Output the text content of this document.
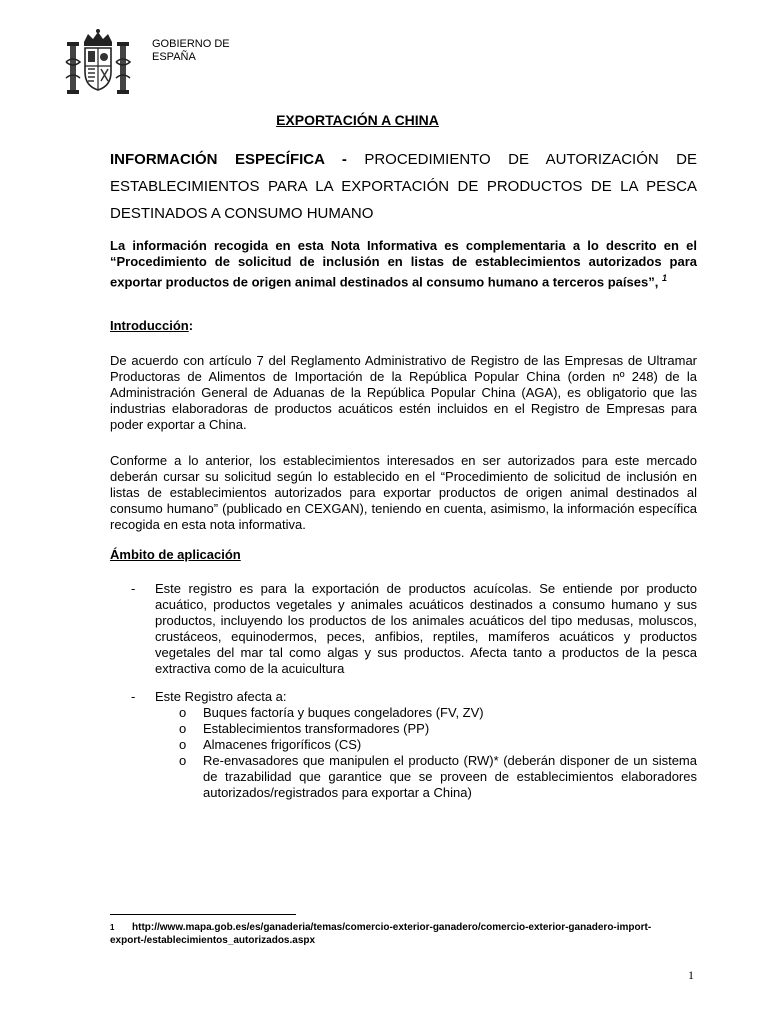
GOBIERNO DE
ESPAÑA
EXPORTACIÓN A CHINA
INFORMACIÓN ESPECÍFICA - PROCEDIMIENTO DE AUTORIZACIÓN DE ESTABLECIMIENTOS PARA LA EXPORTACIÓN DE PRODUCTOS DE LA PESCA DESTINADOS A CONSUMO HUMANO
La información recogida en esta Nota Informativa es complementaria a lo descrito en el “Procedimiento de solicitud de inclusión en listas de establecimientos autorizados para exportar productos de origen animal destinados al consumo humano a terceros países”, $^1$
Introducción:
De acuerdo con artículo 7 del Reglamento Administrativo de Registro de las Empresas de Ultramar Productoras de Alimentos de Importación de la República Popular China (orden nº 248) de la Administración General de Aduanas de la República Popular China (AGA), es obligatorio que las industrias elaboradoras de productos acuáticos estén incluidos en el Registro de Empresas para poder exportar a China.
Conforme a lo anterior, los establecimientos interesados en ser autorizados para este mercado deberán cursar su solicitud según lo establecido en el “Procedimiento de solicitud de inclusión en listas de establecimientos autorizados para exportar productos de origen animal destinados al consumo humano” (publicado en CEXGAN), teniendo en cuenta, asimismo, la información específica recogida en esta nota informativa.
Ámbito de aplicación
- Este registro es para la exportación de productos acuícolas. Se entiende por producto acuático, productos vegetales y animales acuáticos destinados a consumo humano y sus productos, incluyendo los productos de los animales acuáticos del tipo medusas, moluscos, crustáceos, equinodermos, peces, anfibios, reptiles, mamíferos acuáticos y productos vegetales del mar tal como algas y sus productos. Afecta tanto a productos de la pesca extractiva como de la acuicultura
- Este Registro afecta a:
o	Buques factoría y buques congeladores (FV, ZV)
o	Establecimientos transformadores (PP)
o	Almacenes frigoríficos (CS)
o	Re-envasadores que manipulen el producto (RW)* (deberán disponer de un sistema de trazabilidad que garantice que se proveen de establecimientos elaboradores autorizados/registrados para exportar a China)
1 http://www.mapa.gob.es/es/ganaderia/temas/comercio-exterior-ganadero/comercio-exterior-ganadero-import-export-/establecimientos_autorizados.aspx
1
